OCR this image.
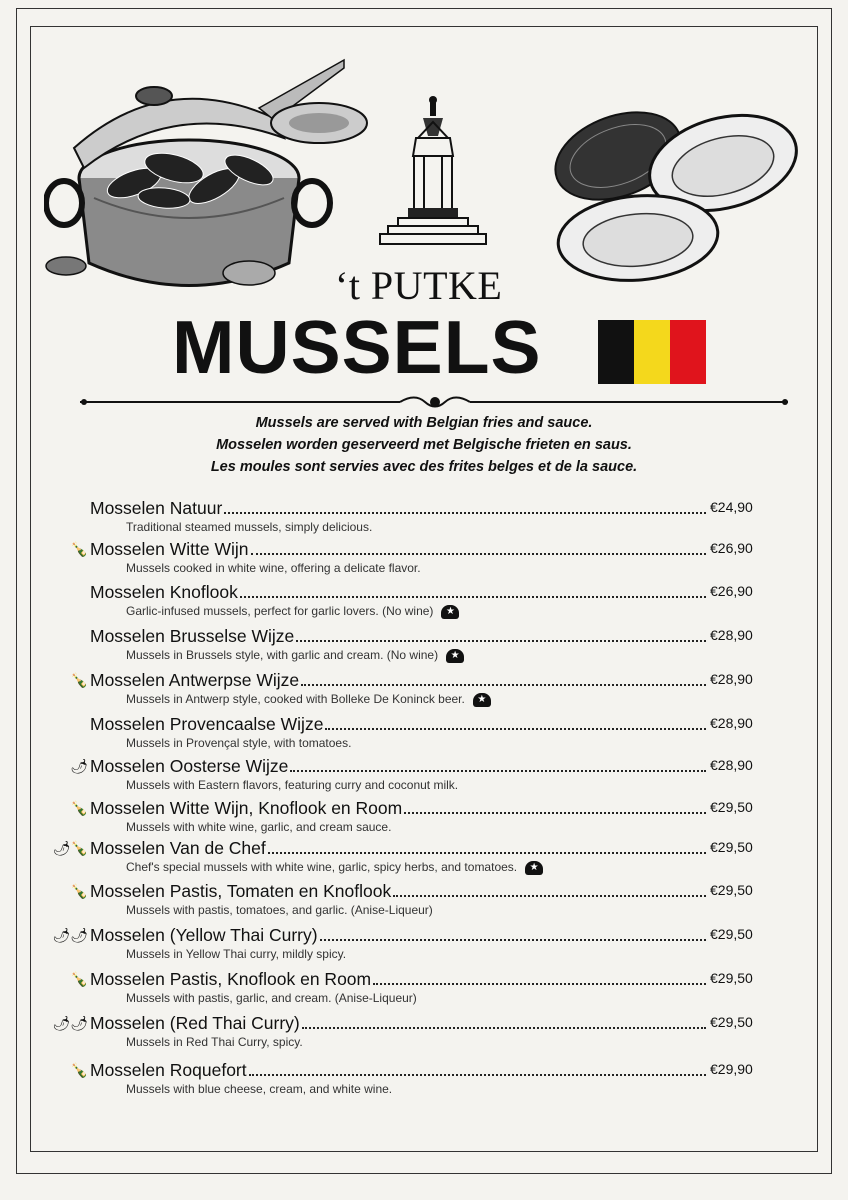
‘t PUTKE
MUSSELS
Mussels are served with Belgian fries and sauce.
Mosselen worden geserveerd met Belgische frieten en saus.
Les moules sont servies avec des frites belges et de la sauce.
Mosselen Natuur	€24,90
Traditional steamed mussels, simply delicious.
🍾 Mosselen Witte Wijn	€26,90
Mussels cooked in white wine, offering a delicate flavor.
Mosselen Knoflook	€26,90
Garlic-infused mussels, perfect for garlic lovers. (No wine) ★
Mosselen Brusselse Wijze	€28,90
Mussels in Brussels style, with garlic and cream. (No wine) ★
🍾 Mosselen Antwerpse Wijze	€28,90
Mussels in Antwerp style, cooked with Bolleke De Koninck beer. ★
Mosselen Provencaalse Wijze	€28,90
Mussels in Provençal style, with tomatoes.
🌶 Mosselen Oosterse Wijze	€28,90
Mussels with Eastern flavors, featuring curry and coconut milk.
🍾 Mosselen Witte Wijn, Knoflook en Room	€29,50
Mussels with white wine, garlic, and cream sauce.
🌶🍾 Mosselen Van de Chef	€29,50
Chef's special mussels with white wine, garlic, spicy herbs, and tomatoes. ★
🍾 Mosselen Pastis, Tomaten en Knoflook	€29,50
Mussels with pastis, tomatoes, and garlic. (Anise-Liqueur)
🌶🌶 Mosselen (Yellow Thai Curry)	€29,50
Mussels in Yellow Thai curry, mildly spicy.
🍾 Mosselen Pastis, Knoflook en Room	€29,50
Mussels with pastis, garlic, and cream. (Anise-Liqueur)
🌶🌶 Mosselen (Red Thai Curry)	€29,50
Mussels in Red Thai Curry, spicy.
🍾 Mosselen Roquefort	€29,90
Mussels with blue cheese, cream, and white wine.
